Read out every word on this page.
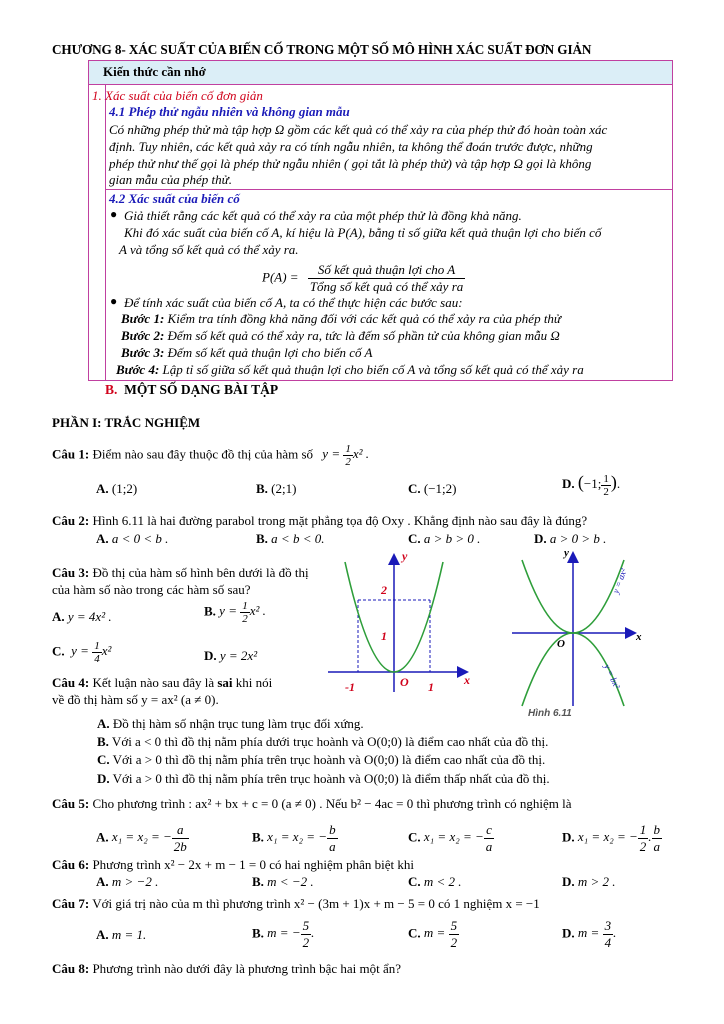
CHƯƠNG 8- XÁC SUẤT CỦA BIẾN CỐ TRONG MỘT SỐ MÔ HÌNH XÁC SUẤT ĐƠN GIẢN
Kiến thức cần nhớ
1. Xác suất của biến cố đơn giản
4.1 Phép thử ngẫu nhiên và không gian mẫu
Có những phép thử mà tập hợp Ω gồm các kết quả có thể xảy ra của phép thử đó hoàn toàn xác
định. Tuy nhiên, các kết quả xảy ra có tính ngẫu nhiên, ta không thể đoán trước được, những
phép thử như thế gọi là phép thử ngẫu nhiên ( gọi tắt là phép thử) và tập hợp Ω gọi là không
gian mẫu của phép thử.
4.2 Xác suất của biến cố
● Giả thiết rằng các kết quả có thể xảy ra của một phép thử là đồng khả năng.
Khi đó xác suất của biến cố A, kí hiệu là P(A), bằng tỉ số giữa kết quả thuận lợi cho biến cố
A và tổng số kết quả có thể xảy ra.
$P(A) = \frac{\text{Số kết quả thuận lợi cho A}}{\text{Tổng số kết quả có thể xảy ra}}$
● Để tính xác suất của biến cố A, ta có thể thực hiện các bước sau:
Bước 1: Kiểm tra tính đồng khả năng đối với các kết quả có thể xảy ra của phép thử
Bước 2: Đếm số kết quả có thể xảy ra, tức là đếm số phần tử của không gian mẫu Ω
Bước 3: Đếm số kết quả thuận lợi cho biến cố A
Bước 4: Lập tỉ số giữa số kết quả thuận lợi cho biến cố A và tổng số kết quả có thể xảy ra
B. MỘT SỐ DẠNG BÀI TẬP
PHẦN I: TRẮC NGHIỆM
Câu 1: Điểm nào sau đây thuộc đồ thị của hàm số $y = \frac{1}{2} x^2$ .
A. (1;2)	B. (2;1)	C. (−1;2)	D. (−1; $\frac{1}{2}$ ).
Câu 2: Hình 6.11 là hai đường parabol trong mặt phẳng tọa độ Oxy . Khẳng định nào sau đây là đúng?
A. a < 0 < b .	B. a < b < 0.	C. a > b > 0 .	D. a > 0 > b .
Câu 3: Đồ thị của hàm số hình bên dưới là đồ thị
của hàm số nào trong các hàm số sau?
A. y = 4x² .	B. $y = \frac{1}{2} x^2$ .
C.  $y = \frac{1}{4} x^2$	D. y = 2x²
Câu 4: Kết luận nào sau đây là sai khi nói
về đồ thị hàm số y = ax² (a ≠ 0).
A. Đồ thị hàm số nhận trục tung làm trục đối xứng.
B. Với a < 0 thì đồ thị nằm phía dưới trục hoành và O(0;0) là điểm cao nhất của đồ thị.
C. Với a > 0 thì đồ thị nằm phía trên trục hoành và O(0;0) là điểm cao nhất của đồ thị.
D. Với a > 0 thì đồ thị nằm phía trên trục hoành và O(0;0) là điểm thấp nhất của đồ thị.
Câu 5: Cho phương trình : ax² + bx + c = 0 (a ≠ 0) . Nếu b² − 4ac = 0 thì phương trình có nghiệm là
A. x₁ = x₂ = − $\frac{a}{2b}$	B. x₁ = x₂ = − $\frac{b}{a}$	C. x₁ = x₂ = − $\frac{c}{a}$	D. x₁ = x₂ = − $\frac{1}{2}$ . $\frac{b}{a}$
Câu 6: Phương trình x² − 2x + m − 1 = 0 có hai nghiệm phân biệt khi
A. m > −2 .	B. m < −2 .	C. m < 2 .	D. m > 2 .
Câu 7: Với giá trị nào của m thì phương trình x² − (3m + 1)x + m − 5 = 0 có 1 nghiệm x = −1
A. m = 1.	B. m = − $\frac{5}{2}$ .	C. $m = \frac{5}{2}$	D. $m = \frac{3}{4}$ .
Câu 8: Phương trình nào dưới đây là phương trình bậc hai một ẩn?
y
x
2
1
O
-1	1
y
x
O
y = ax²
y = bx²
Hình 6.11
